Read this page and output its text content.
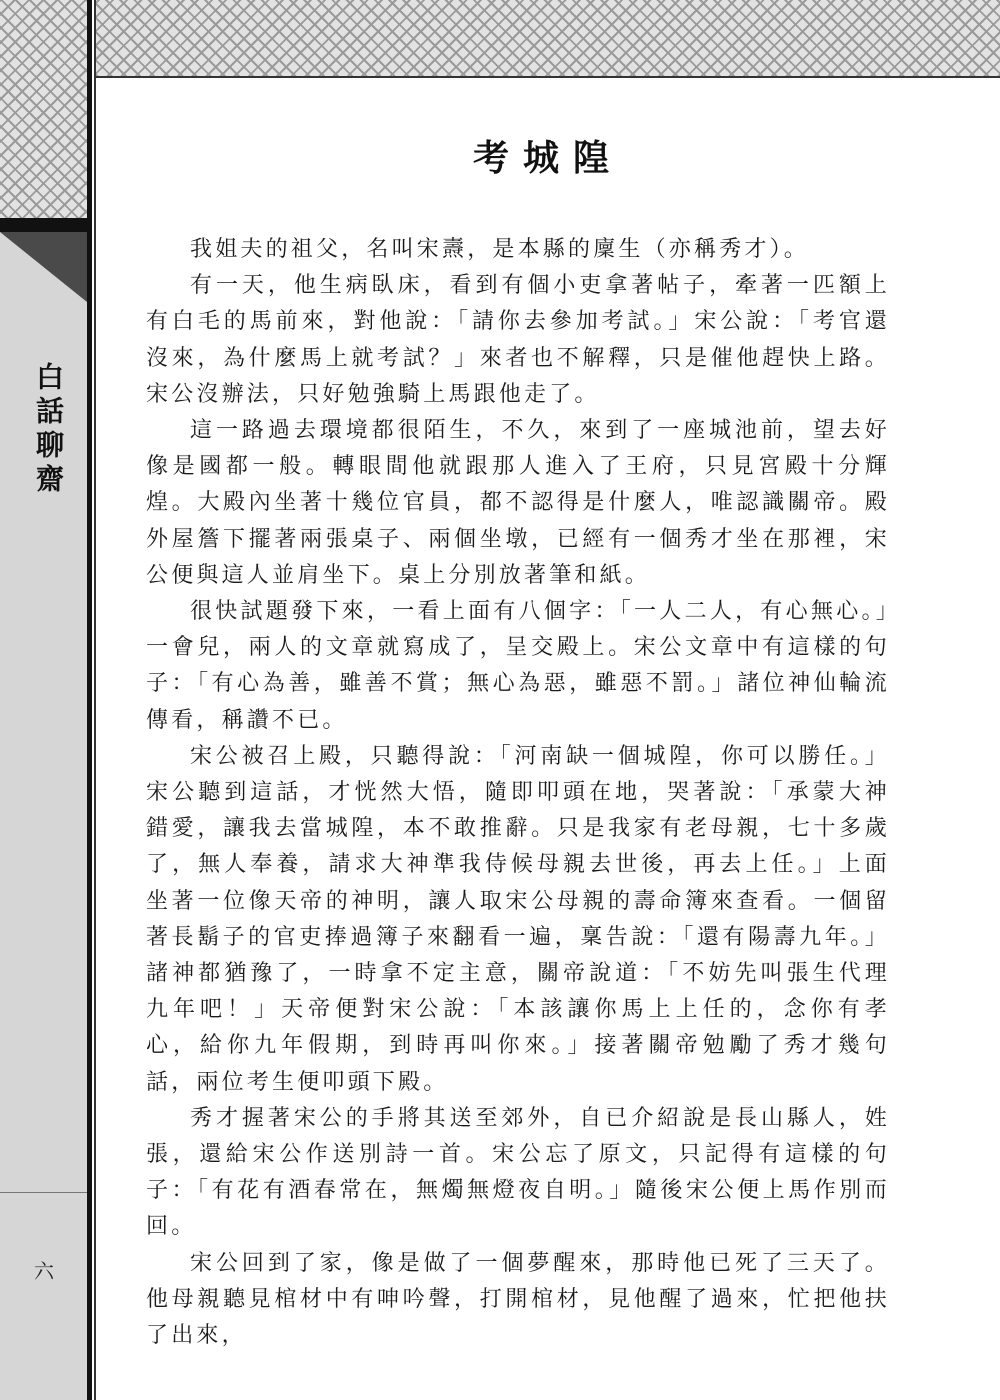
白話聊齋
六
考城隍

我姐夫的祖父，名叫宋燾，是本縣的廩生（亦稱秀才）。

有一天，他生病臥床，看到有個小吏拿著帖子，牽著一匹額上有白毛的馬前來，對他說：「請你去參加考試。」宋公說：「考官還沒來，為什麼馬上就考試？」來者也不解釋，只是催他趕快上路。宋公沒辦法，只好勉強騎上馬跟他走了。

這一路過去環境都很陌生，不久，來到了一座城池前，望去好像是國都一般。轉眼間他就跟那人進入了王府，只見宮殿十分輝煌。大殿內坐著十幾位官員，都不認得是什麼人，唯認識關帝。殿外屋簷下擺著兩張桌子、兩個坐墩，已經有一個秀才坐在那裡，宋公便與這人並肩坐下。桌上分別放著筆和紙。

很快試題發下來，一看上面有八個字：「一人二人，有心無心。」一會兒，兩人的文章就寫成了，呈交殿上。宋公文章中有這樣的句子：「有心為善，雖善不賞；無心為惡，雖惡不罰。」諸位神仙輪流傳看，稱讚不已。

宋公被召上殿，只聽得說：「河南缺一個城隍，你可以勝任。」宋公聽到這話，才恍然大悟，隨即叩頭在地，哭著說：「承蒙大神錯愛，讓我去當城隍，本不敢推辭。只是我家有老母親，七十多歲了，無人奉養，請求大神準我侍候母親去世後，再去上任。」上面坐著一位像天帝的神明，讓人取宋公母親的壽命簿來查看。一個留著長鬍子的官吏捧過簿子來翻看一遍，稟告說：「還有陽壽九年。」諸神都猶豫了，一時拿不定主意，關帝說道：「不妨先叫張生代理九年吧！」天帝便對宋公說：「本該讓你馬上上任的，念你有孝心，給你九年假期，到時再叫你來。」接著關帝勉勵了秀才幾句話，兩位考生便叩頭下殿。

秀才握著宋公的手將其送至郊外，自已介紹說是長山縣人，姓張，還給宋公作送別詩一首。宋公忘了原文，只記得有這樣的句子：「有花有酒春常在，無燭無燈夜自明。」隨後宋公便上馬作別而回。

宋公回到了家，像是做了一個夢醒來，那時他已死了三天了。他母親聽見棺材中有呻吟聲，打開棺材，見他醒了過來，忙把他扶了出來，
